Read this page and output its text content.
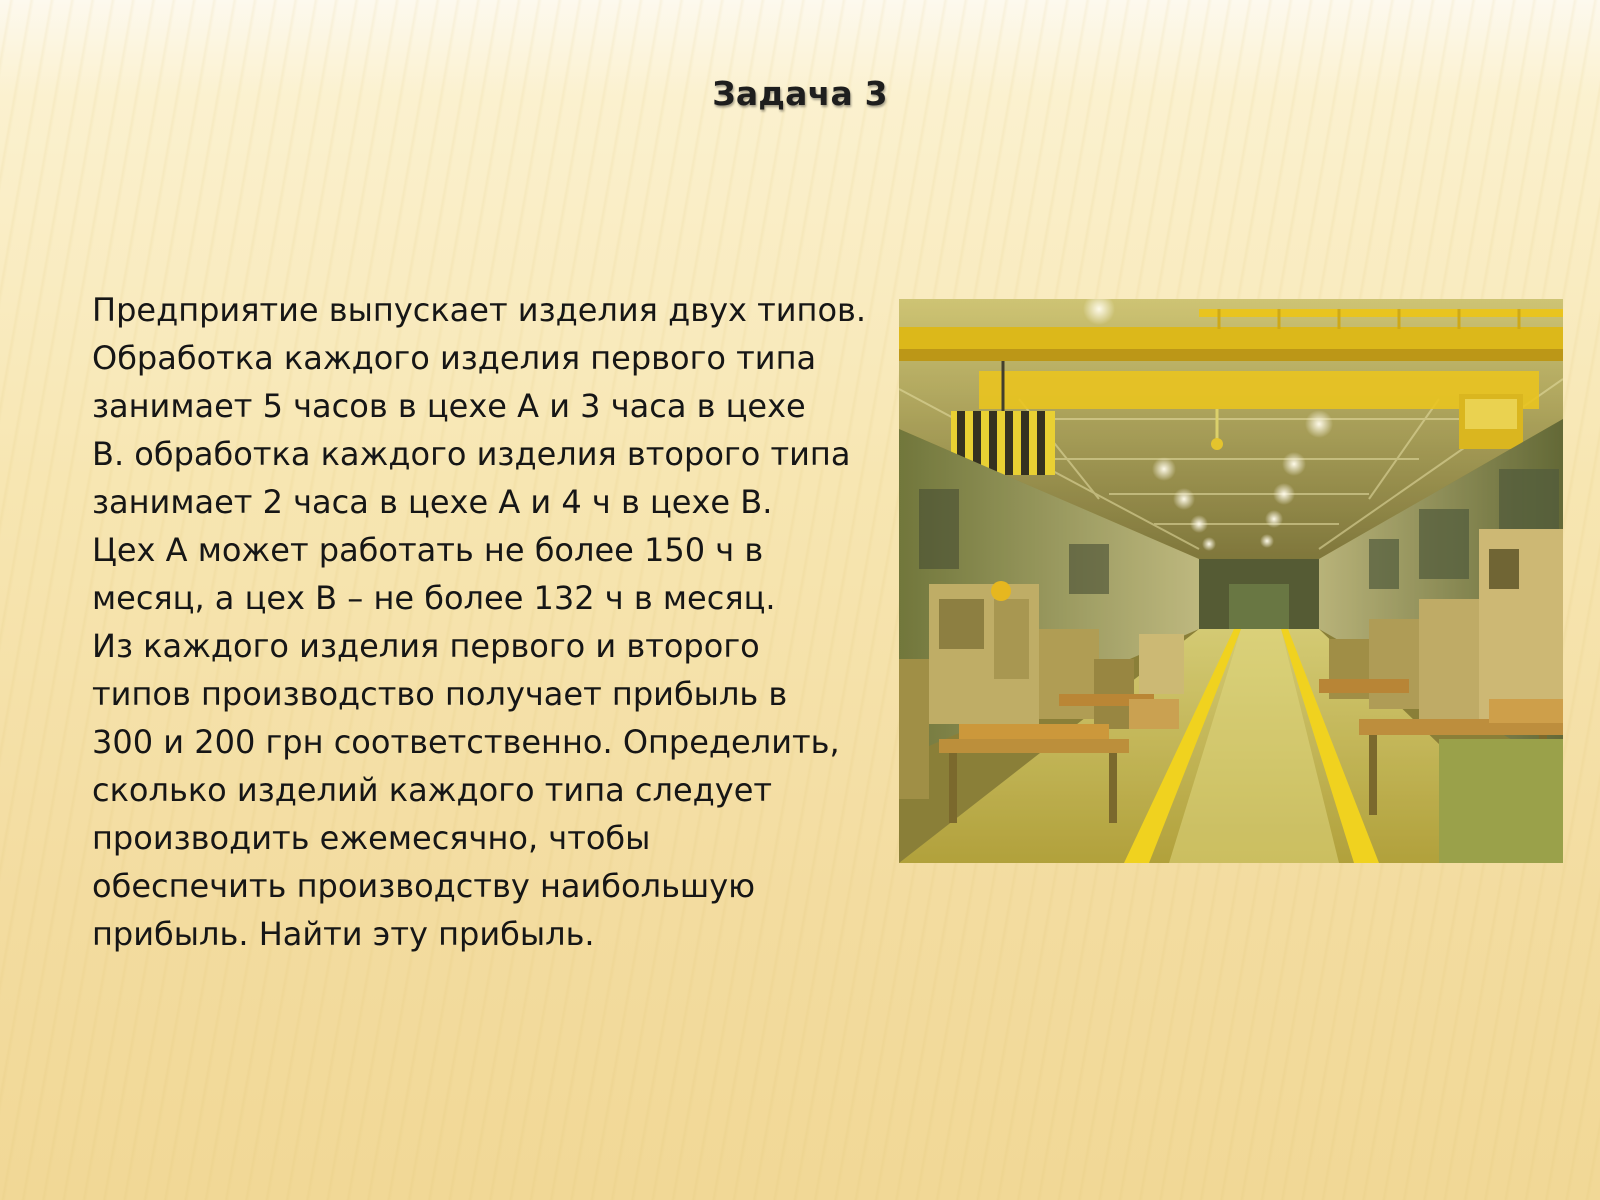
Задача 3
Предприятие выпускает изделия двух типов.
Обработка каждого изделия первого типа
занимает 5 часов в цехе А и 3 часа в цехе
В. обработка каждого изделия второго типа
занимает 2 часа в цехе А и 4 ч в цехе В.
Цех А может работать не более 150 ч в
месяц, а цех В – не более 132 ч в месяц.
Из каждого изделия первого и второго
типов производство получает прибыль в
300 и 200 грн соответственно. Определить,
сколько изделий каждого типа следует
производить ежемесячно, чтобы
обеспечить производству наибольшую
прибыль. Найти эту прибыль.
